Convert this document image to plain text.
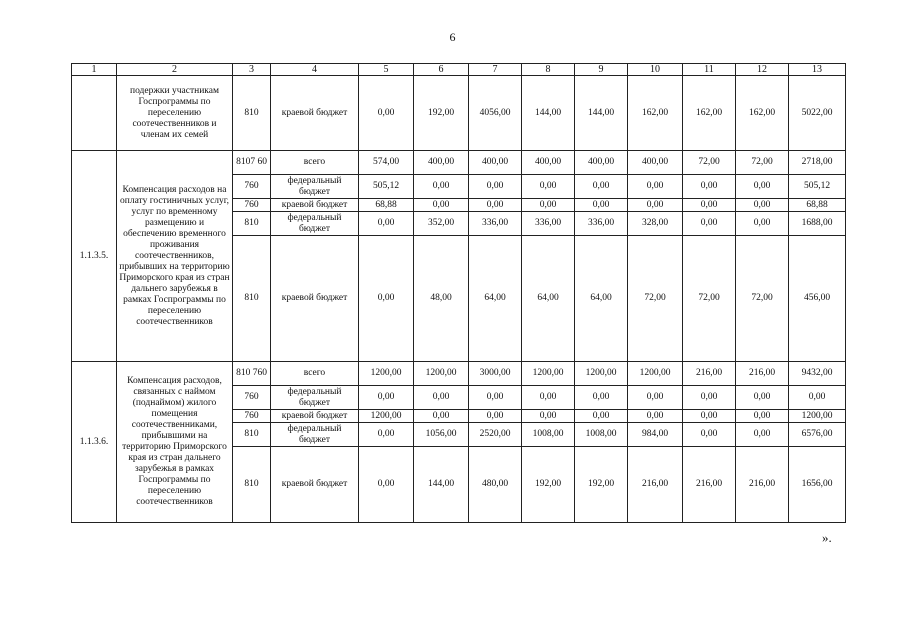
6
1	2	3	4	5	6	7	8	9	10	11	12	13
	подержки участникам Госпрограммы по переселению соотечественников и членам их семей	810	краевой бюджет	0,00	192,00	4056,00	144,00	144,00	162,00	162,00	162,00	5022,00
1.1.3.5.	Компенсация расходов на оплату гостиничных услуг, услуг по временному размещению и обеспечению временного проживания соотечественников, прибывших на территорию Приморского края из стран дальнего зарубежья в рамках Госпрограммы по переселению соотечественников	8107 60	всего	574,00	400,00	400,00	400,00	400,00	400,00	72,00	72,00	2718,00
		760	федеральный бюджет	505,12	0,00	0,00	0,00	0,00	0,00	0,00	0,00	505,12
		760	краевой бюджет	68,88	0,00	0,00	0,00	0,00	0,00	0,00	0,00	68,88
		810	федеральный бюджет	0,00	352,00	336,00	336,00	336,00	328,00	0,00	0,00	1688,00
		810	краевой бюджет	0,00	48,00	64,00	64,00	64,00	72,00	72,00	72,00	456,00
1.1.3.6.	Компенсация расходов, связанных с наймом (поднаймом) жилого помещения соотечественниками, прибывшими на территорию Приморского края из стран дальнего зарубежья в рамках Госпрограммы по переселению соотечественников	810 760	всего	1200,00	1200,00	3000,00	1200,00	1200,00	1200,00	216,00	216,00	9432,00
		760	федеральный бюджет	0,00	0,00	0,00	0,00	0,00	0,00	0,00	0,00	0,00
		760	краевой бюджет	1200,00	0,00	0,00	0,00	0,00	0,00	0,00	0,00	1200,00
		810	федеральный бюджет	0,00	1056,00	2520,00	1008,00	1008,00	984,00	0,00	0,00	6576,00
		810	краевой бюджет	0,00	144,00	480,00	192,00	192,00	216,00	216,00	216,00	1656,00
».
